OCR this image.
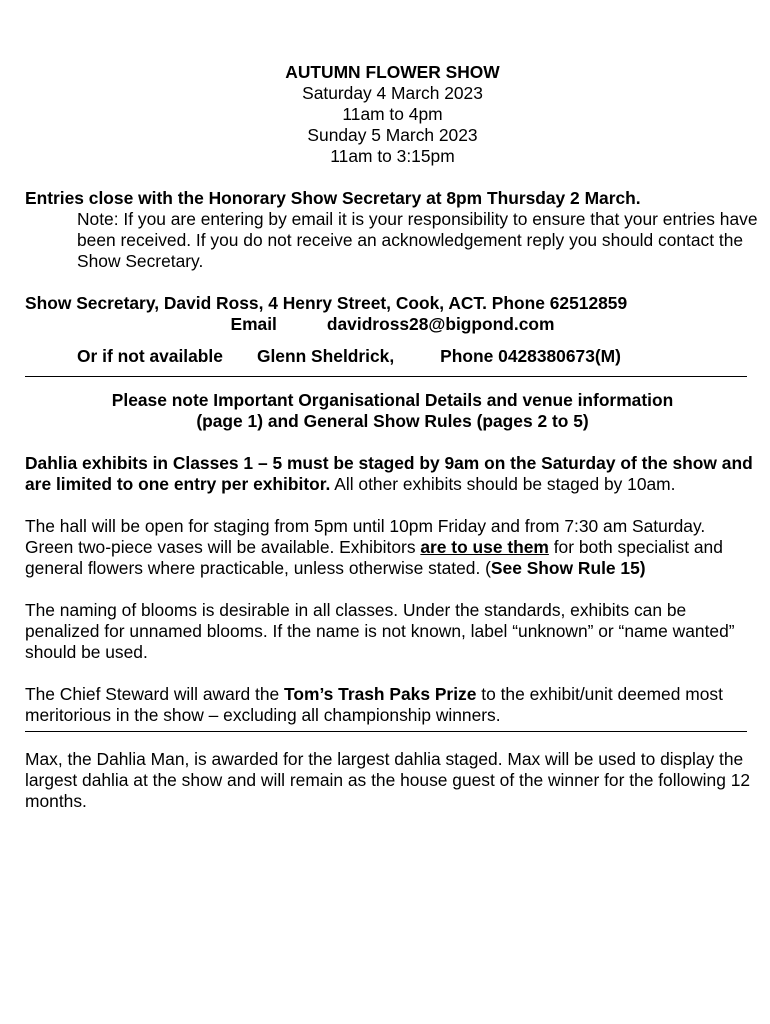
AUTUMN FLOWER SHOW

Saturday 4 March 2023

11am to 4pm

Sunday 5 March 2023

11am to 3:15pm

Entries close with the Honorary Show Secretary at 8pm Thursday 2 March.

Note: If you are entering by email it is your responsibility to ensure that your entries have been received. If you do not receive an acknowledgement reply you should contact the Show Secretary.

Show Secretary, David Ross, 4 Henry Street, Cook, ACT. Phone 62512859

Email	davidross28@bigpond.com

Or if not available Glenn Sheldrick,	Phone 0428380673(M)

Please note Important Organisational Details and venue information

(page 1) and General Show Rules (pages 2 to 5)

Dahlia exhibits in Classes 1 – 5 must be staged by 9am on the Saturday of the show and are limited to one entry per exhibitor. All other exhibits should be staged by 10am.

The hall will be open for staging from 5pm until 10pm Friday and from 7:30 am Saturday.

Green two-piece vases will be available. Exhibitors are to use them for both specialist and general flowers where practicable, unless otherwise stated. (See Show Rule 15)

The naming of blooms is desirable in all classes. Under the standards, exhibits can be penalized for unnamed blooms. If the name is not known, label “unknown” or “name wanted” should be used.

The Chief Steward will award the Tom’s Trash Paks Prize to the exhibit/unit deemed most meritorious in the show – excluding all championship winners.

Max, the Dahlia Man, is awarded for the largest dahlia staged. Max will be used to display the largest dahlia at the show and will remain as the house guest of the winner for the following 12 months.
